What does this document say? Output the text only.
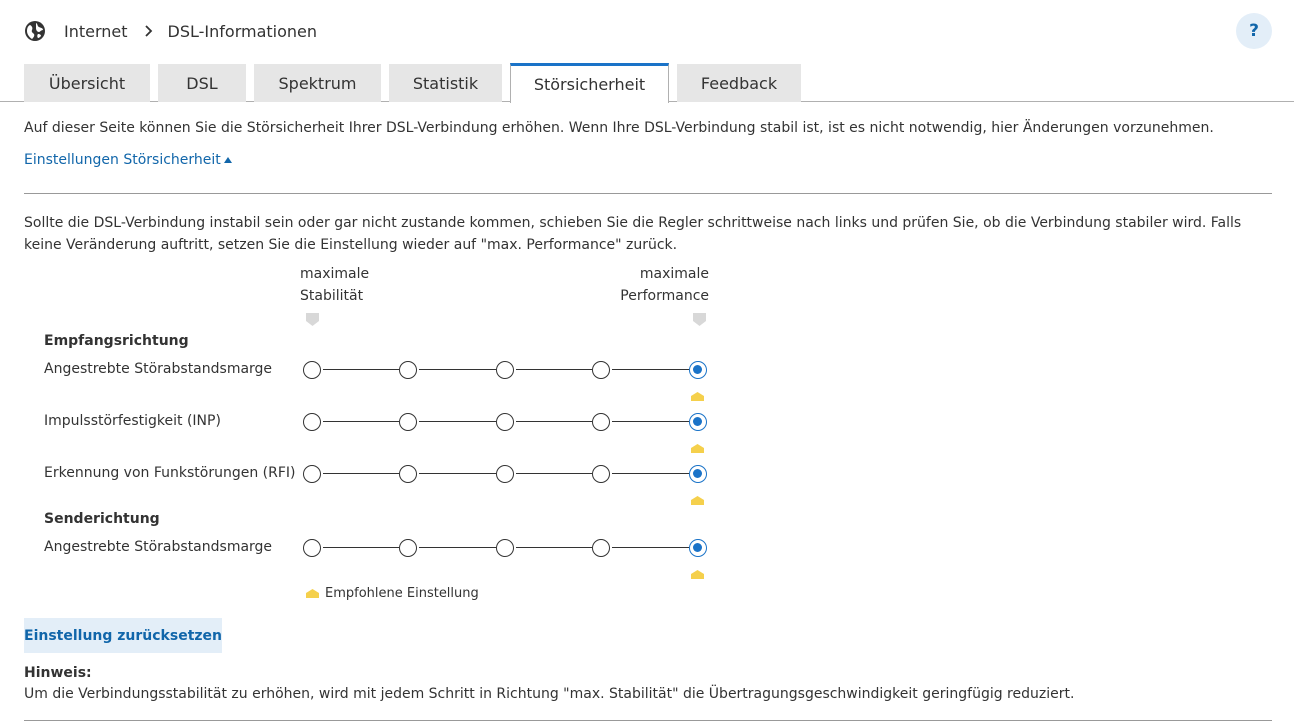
Internet	DSL-Informationen	?
Übersicht	DSL	Spektrum	Statistik	Störsicherheit	Feedback
Auf dieser Seite können Sie die Störsicherheit Ihrer DSL-Verbindung erhöhen. Wenn Ihre DSL-Verbindung stabil ist, ist es nicht notwendig, hier Änderungen vorzunehmen.
Einstellungen Störsicherheit
Sollte die DSL-Verbindung instabil sein oder gar nicht zustande kommen, schieben Sie die Regler schrittweise nach links und prüfen Sie, ob die Verbindung stabiler wird. Falls keine Veränderung auftritt, setzen Sie die Einstellung wieder auf "max. Performance" zurück.
maximale
Stabilität
maximale
Performance
Empfangsrichtung
Angestrebte Störabstandsmarge
Impulsstörfestigkeit (INP)
Erkennung von Funkstörungen (RFI)
Senderichtung
Angestrebte Störabstandsmarge
Empfohlene Einstellung
Einstellung zurücksetzen
Hinweis:
Um die Verbindungsstabilität zu erhöhen, wird mit jedem Schritt in Richtung "max. Stabilität" die Übertragungsgeschwindigkeit geringfügig reduziert.
